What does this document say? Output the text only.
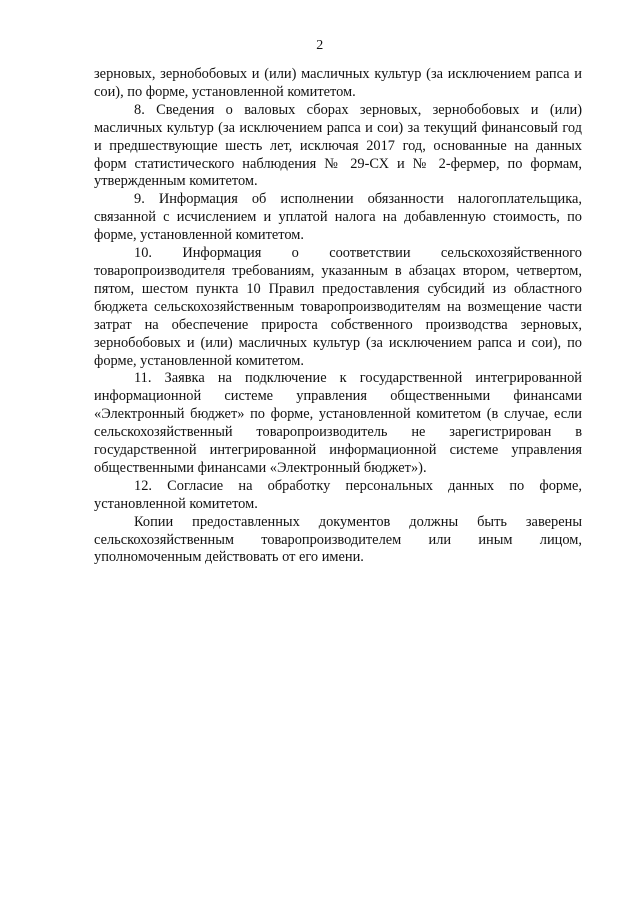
2

зерновых, зернобобовых и (или) масличных культур (за исключением рапса и сои), по форме, установленной комитетом.

8. Сведения о валовых сборах зерновых, зернобобовых и (или) масличных культур (за исключением рапса и сои) за текущий финансовый год и предшествующие шесть лет, исключая 2017 год, основанные на данных форм статистического наблюдения № 29-СХ и № 2-фермер, по формам, утвержденным комитетом.

9. Информация об исполнении обязанности налогоплательщика, связанной с исчислением и уплатой налога на добавленную стоимость, по форме, установленной комитетом.

10. Информация о соответствии сельскохозяйственного товаропроизводителя требованиям, указанным в абзацах втором, четвертом, пятом, шестом пункта 10 Правил предоставления субсидий из областного бюджета сельскохозяйственным товаропроизводителям на возмещение части затрат на обеспечение прироста собственного производства зерновых, зернобобовых и (или) масличных культур (за исключением рапса и сои), по форме, установленной комитетом.

11. Заявка на подключение к государственной интегрированной информационной системе управления общественными финансами «Электронный бюджет» по форме, установленной комитетом (в случае, если сельскохозяйственный товаропроизводитель не зарегистрирован в государственной интегрированной информационной системе управления общественными финансами «Электронный бюджет»).

12. Согласие на обработку персональных данных по форме, установленной комитетом.

Копии предоставленных документов должны быть заверены сельскохозяйственным товаропроизводителем или иным лицом, уполномоченным действовать от его имени.
